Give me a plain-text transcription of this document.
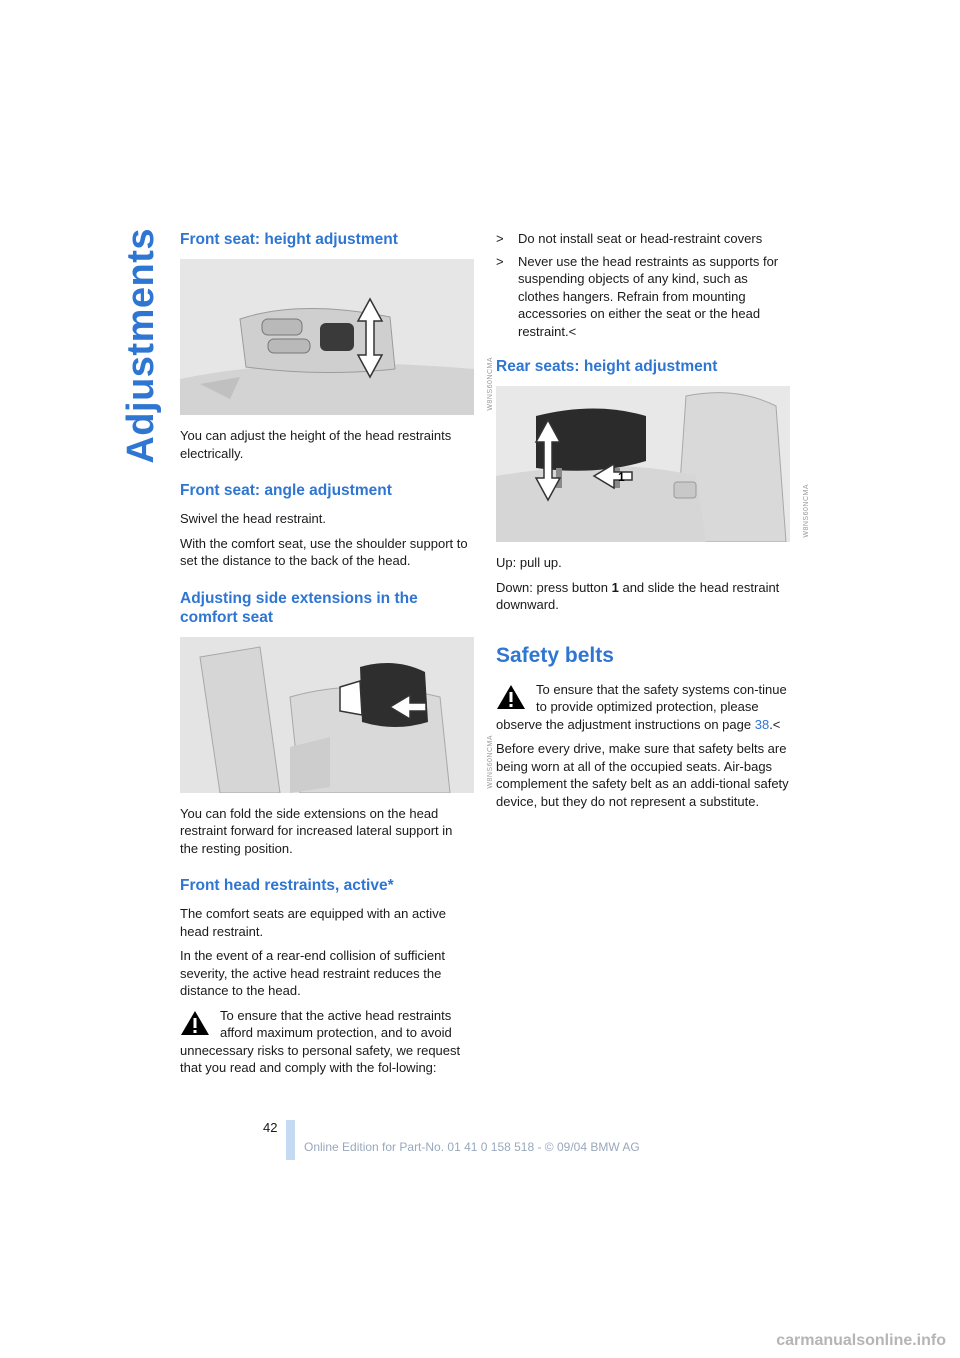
Adjustments Front seat: height adjustment
W8NS60NCMA

You can adjust the height of the head restraints electrically.

Front seat: angle adjustment

Swivel the head restraint.

With the comfort seat, use the shoulder support to set the distance to the back of the head.

Adjusting side extensions in the comfort seat
W8NS60NCMA

You can fold the side extensions on the head restraint forward for increased lateral support in the resting position.

Front head restraints, active*

The comfort seats are equipped with an active head restraint.

In the event of a rear-end collision of sufficient severity, the active head restraint reduces the distance to the head.

To ensure that the active head restraints afford maximum protection, and to avoid unnecessary risks to personal safety, we request that you read and comply with the fol-lowing:

>	Do not install seat or head-restraint covers
>	Never use the head restraints as supports for suspending objects of any kind, such as clothes hangers. Refrain from mounting accessories on either the seat or the head restraint.<
Rear seats: height adjustment
1
W8NS60NCMA

Up: pull up.

Down: press button 1 and slide the head restraint downward.

Safety belts

To ensure that the safety systems con-tinue to provide optimized protection, please observe the adjustment instructions on page 38.<

Before every drive, make sure that safety belts are being worn at all of the occupied seats. Air-bags complement the safety belt as an addi-tional safety device, but they do not represent a substitute.

42
Online Edition for Part-No. 01 41 0 158 518 - © 09/04 BMW AG
carmanualsonline.info
